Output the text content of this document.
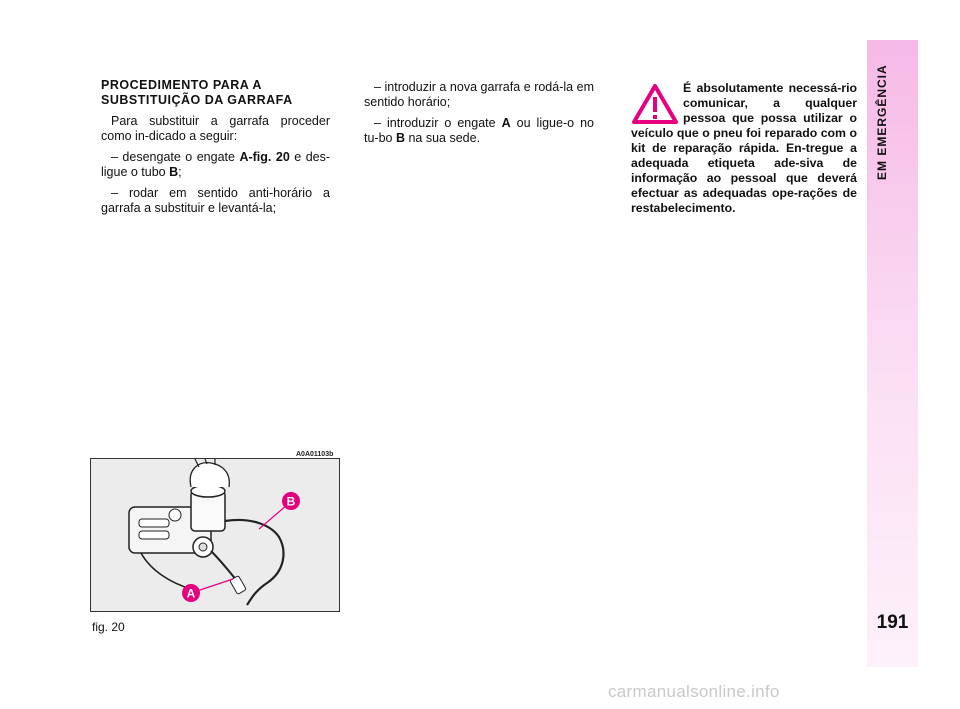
EM EMERGÊNCIA
191
PROCEDIMENTO PARA A
SUBSTITUIÇÃO DA GARRAFA

Para substituir a garrafa proceder como in-dicado a seguir:

– desengate o engate A-fig. 20 e des-ligue o tubo B;

– rodar em sentido anti-horário a garrafa a substituir e levantá-la;

– introduzir a nova garrafa e rodá-la em sentido horário;

– introduzir o engate A ou ligue-o no tu-bo B na sua sede.

É absolutamente necessá-rio comunicar, a qualquer pessoa que possa utilizar o veículo que o pneu foi reparado com o kit de reparação rápida. En-tregue a adequada etiqueta ade-siva de informação ao pessoal que deverá efectuar as adequadas ope-rações de restabelecimento.
A0A01103b
B
A
fig. 20
carmanualsonline.info
